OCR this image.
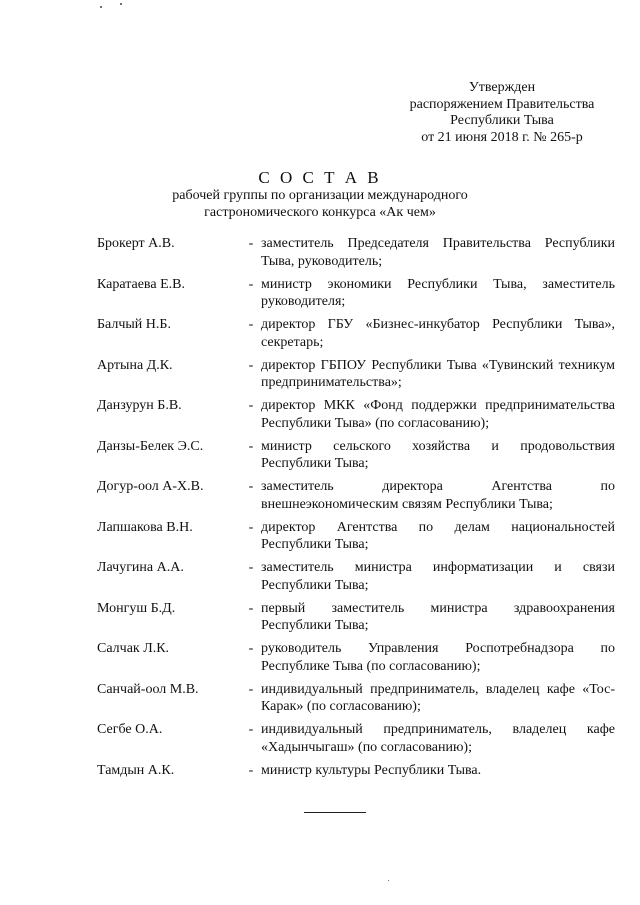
Утвержден
распоряжением Правительства
Республики Тыва
от 21 июня 2018 г. № 265-р
С О С Т А В
рабочей группы по организации международного
гастрономического конкурса «Ак чем»
Брокерт А.В.	- заместитель Председателя Правительства Республики Тыва, руководитель;
Каратаева Е.В.	- министр экономики Республики Тыва, заместитель руководителя;
Балчый Н.Б.	- директор ГБУ «Бизнес-инкубатор Республики Тыва», секретарь;
Артына Д.К.	- директор ГБПОУ Республики Тыва «Тувинский техникум предпринимательства»;
Данзурун Б.В.	- директор МКК «Фонд поддержки предпринимательства Республики Тыва» (по согласованию);
Данзы-Белек Э.С.	- министр сельского хозяйства и продовольствия Республики Тыва;
Догур-оол А-Х.В.	- заместитель директора Агентства по внешнеэкономическим связям Республики Тыва;
Лапшакова В.Н.	- директор Агентства по делам национальностей Республики Тыва;
Лачугина А.А.	- заместитель министра информатизации и связи Республики Тыва;
Монгуш Б.Д.	- первый заместитель министра здравоохранения Республики Тыва;
Салчак Л.К.	- руководитель Управления Роспотребнадзора по Республике Тыва (по согласованию);
Санчай-оол М.В.	- индивидуальный предприниматель, владелец кафе «Тос-Карак» (по согласованию);
Сегбе О.А.	- индивидуальный предприниматель, владелец кафе «Хадынчыгаш» (по согласованию);
Тамдын А.К.	- министр культуры Республики Тыва.
